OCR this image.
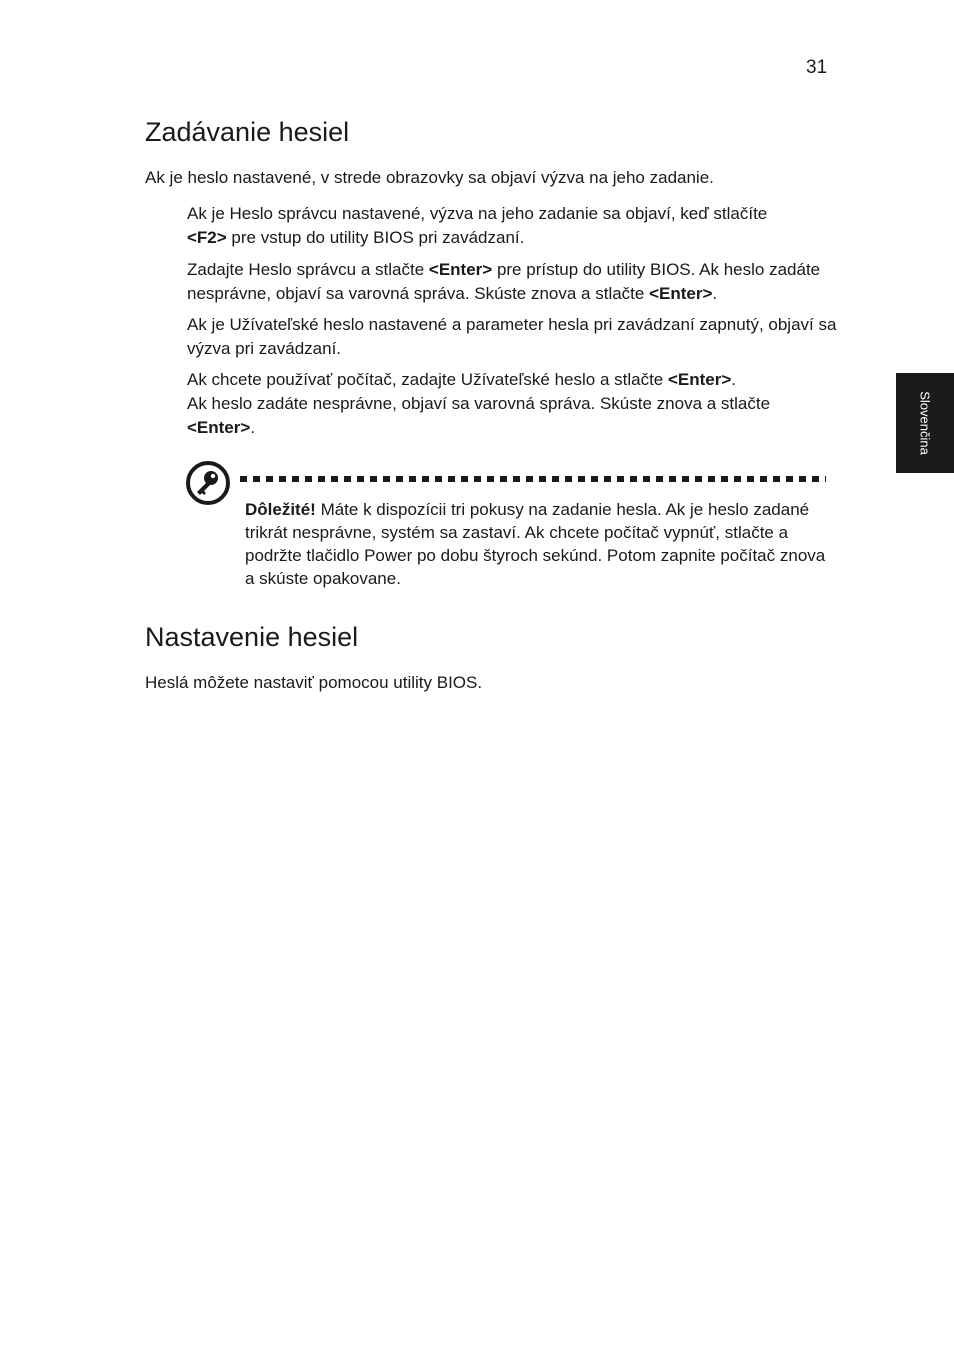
31
Slovenčina
Zadávanie hesiel

Ak je heslo nastavené, v strede obrazovky sa objaví výzva na jeho zadanie.

Ak je Heslo správcu nastavené, výzva na jeho zadanie sa objaví, keď stlačíte
<F2> pre vstup do utility BIOS pri zavádzaní.

Zadajte Heslo správcu a stlačte <Enter> pre prístup do utility BIOS. Ak heslo zadáte nesprávne, objaví sa varovná správa. Skúste znova a stlačte <Enter>.

Ak je Užívateľské heslo nastavené a parameter hesla pri zavádzaní zapnutý, objaví sa výzva pri zavádzaní.

Ak chcete používať počítač, zadajte Užívateľské heslo a stlačte <Enter>.
Ak heslo zadáte nesprávne, objaví sa varovná správa. Skúste znova a stlačte
<Enter>.

Dôležité! Máte k dispozícii tri pokusy na zadanie hesla. Ak je heslo zadané trikrát nesprávne, systém sa zastaví. Ak chcete počítač vypnúť, stlačte a podržte tlačidlo Power po dobu štyroch sekúnd. Potom zapnite počítač znova a skúste opakovane.

Nastavenie hesiel

Heslá môžete nastaviť pomocou utility BIOS.
